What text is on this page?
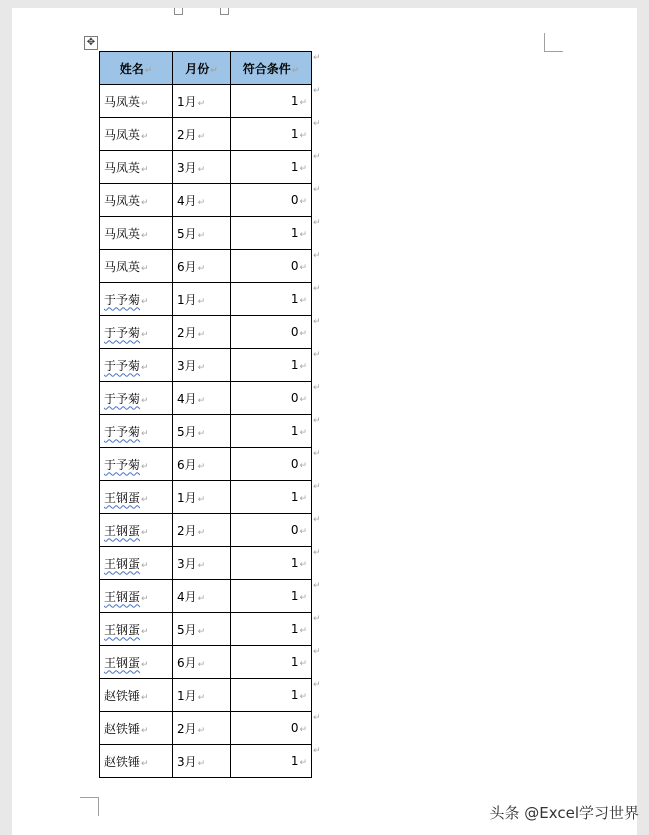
✥
姓名↵	月份↵	符合条件↵
马凤英↵	1月↵	1↵
马凤英↵	2月↵	1↵
马凤英↵	3月↵	1↵
马凤英↵	4月↵	0↵
马凤英↵	5月↵	1↵
马凤英↵	6月↵	0↵
于予菊↵	1月↵	1↵
于予菊↵	2月↵	0↵
于予菊↵	3月↵	1↵
于予菊↵	4月↵	0↵
于予菊↵	5月↵	1↵
于予菊↵	6月↵	0↵
王钢蛋↵	1月↵	1↵
王钢蛋↵	2月↵	0↵
王钢蛋↵	3月↵	1↵
王钢蛋↵	4月↵	1↵
王钢蛋↵	5月↵	1↵
王钢蛋↵	6月↵	1↵
赵铁锤↵	1月↵	1↵
赵铁锤↵	2月↵	0↵
赵铁锤↵	3月↵	1↵
↵
↵
↵
↵
↵
↵
↵
↵
↵
↵
↵
↵
↵
↵
↵
↵
↵
↵
↵
↵
↵
↵
头条 @Excel学习世界
